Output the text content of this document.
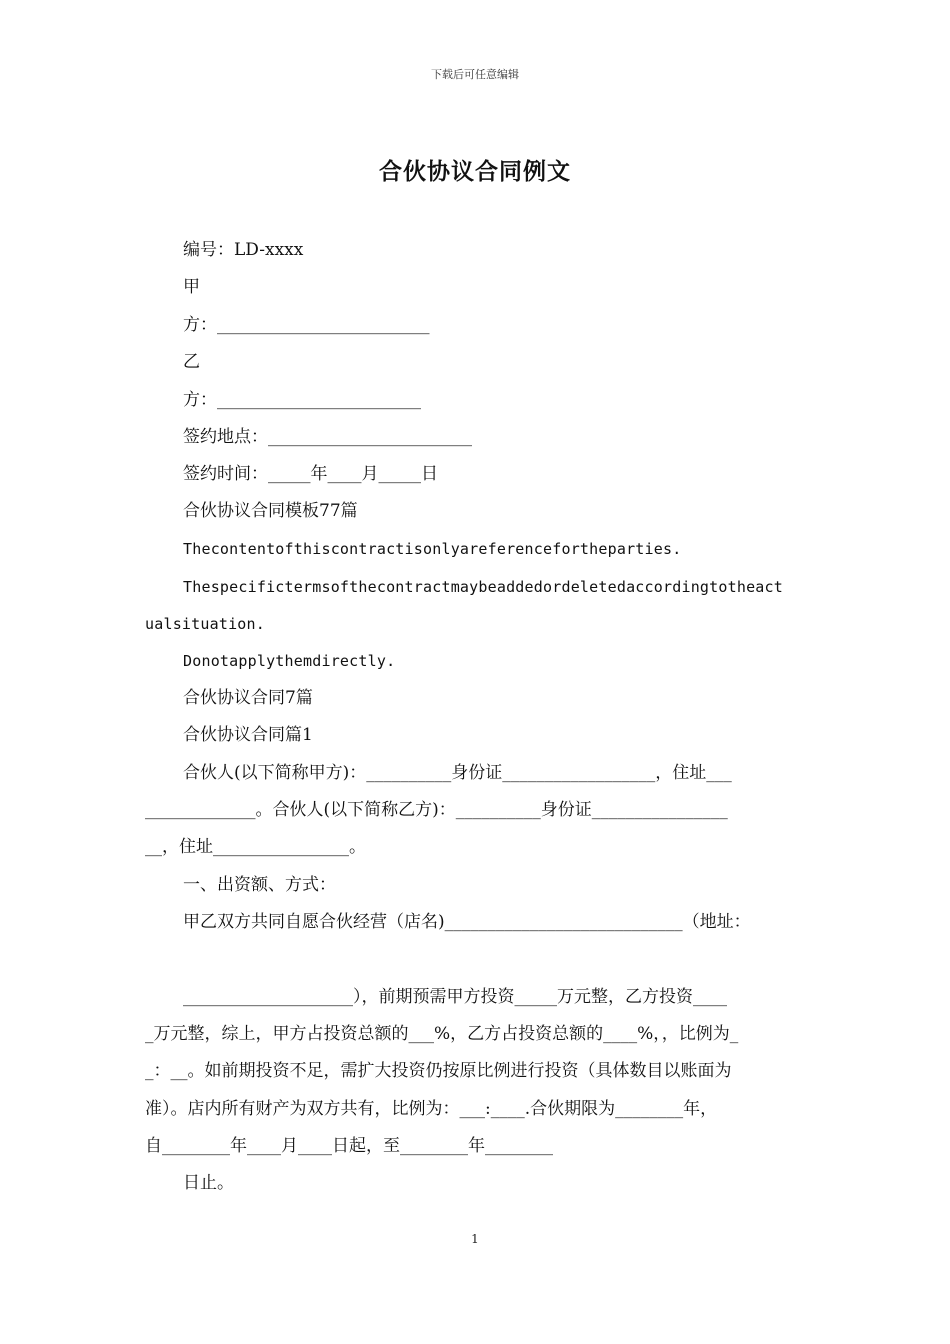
下载后可任意编辑
合伙协议合同例文
编号：LD-xxxx
甲
方：_________________________
乙
方：________________________
签约地点：________________________
签约时间：_____年____月_____日
合伙协议合同模板77篇
Thecontentofthiscontractisonlyareferencefortheparties.
Thespecifictermsofthecontractmaybeaddedordeletedaccordingtotheact
ualsituation.
Donotapplythemdirectly.
合伙协议合同7篇
合伙协议合同篇1
合伙人(以下简称甲方)：__________身份证__________________，住址___
_____________。合伙人(以下简称乙方)：__________身份证________________
__，住址________________。
一、出资额、方式：
甲乙双方共同自愿合伙经营（店名)____________________________（地址：
____________________），前期预需甲方投资_____万元整，乙方投资____
_万元整，综上，甲方占投资总额的___%，乙方占投资总额的____%，，比例为_
_：__。如前期投资不足，需扩大投资仍按原比例进行投资（具体数目以账面为
准）。店内所有财产为双方共有，比例为：___:____.合伙期限为________年，
自________年____月____日起，至________年________
日止。
1
